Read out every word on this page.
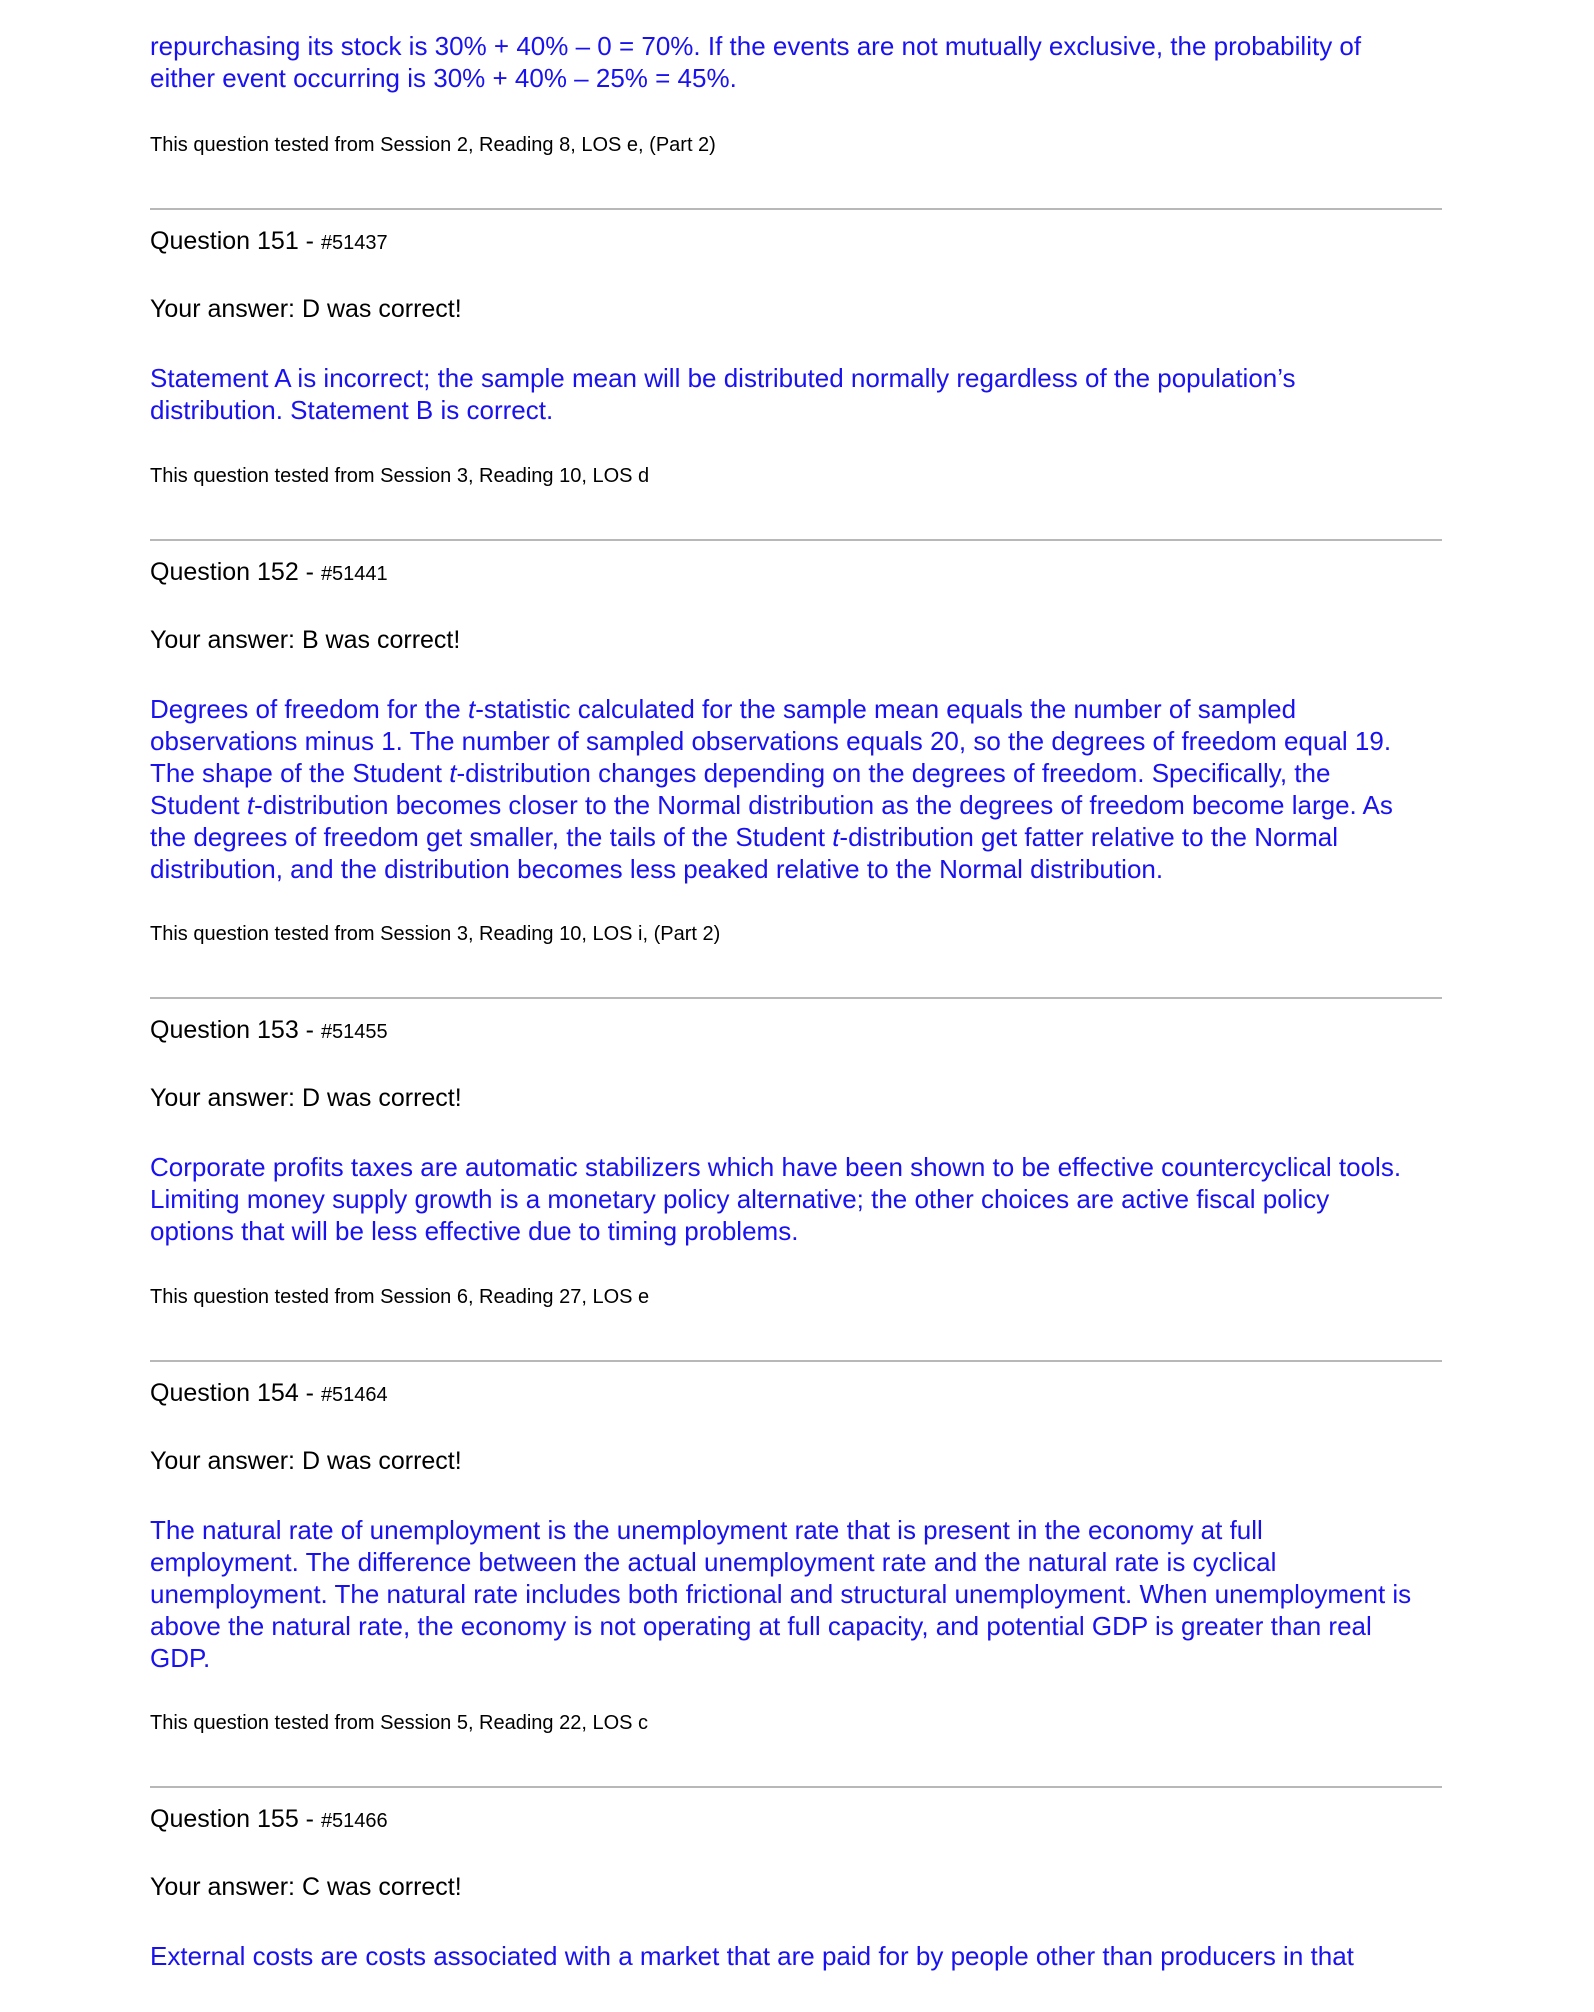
repurchasing its stock is 30% + 40% – 0 = 70%. If the events are not mutually exclusive, the probability of
either event occurring is 30% + 40% – 25% = 45%.
This question tested from Session 2, Reading 8, LOS e, (Part 2)
Question 151 - #51437
Your answer: D was correct!
Statement A is incorrect; the sample mean will be distributed normally regardless of the population’s
distribution. Statement B is correct.
This question tested from Session 3, Reading 10, LOS d
Question 152 - #51441
Your answer: B was correct!
Degrees of freedom for the t-statistic calculated for the sample mean equals the number of sampled
observations minus 1. The number of sampled observations equals 20, so the degrees of freedom equal 19.
The shape of the Student t-distribution changes depending on the degrees of freedom. Specifically, the
Student t-distribution becomes closer to the Normal distribution as the degrees of freedom become large. As
the degrees of freedom get smaller, the tails of the Student t-distribution get fatter relative to the Normal
distribution, and the distribution becomes less peaked relative to the Normal distribution.
This question tested from Session 3, Reading 10, LOS i, (Part 2)
Question 153 - #51455
Your answer: D was correct!
Corporate profits taxes are automatic stabilizers which have been shown to be effective countercyclical tools.
Limiting money supply growth is a monetary policy alternative; the other choices are active fiscal policy
options that will be less effective due to timing problems.
This question tested from Session 6, Reading 27, LOS e
Question 154 - #51464
Your answer: D was correct!
The natural rate of unemployment is the unemployment rate that is present in the economy at full
employment. The difference between the actual unemployment rate and the natural rate is cyclical
unemployment. The natural rate includes both frictional and structural unemployment. When unemployment is
above the natural rate, the economy is not operating at full capacity, and potential GDP is greater than real
GDP.
This question tested from Session 5, Reading 22, LOS c
Question 155 - #51466
Your answer: C was correct!
External costs are costs associated with a market that are paid for by people other than producers in that
